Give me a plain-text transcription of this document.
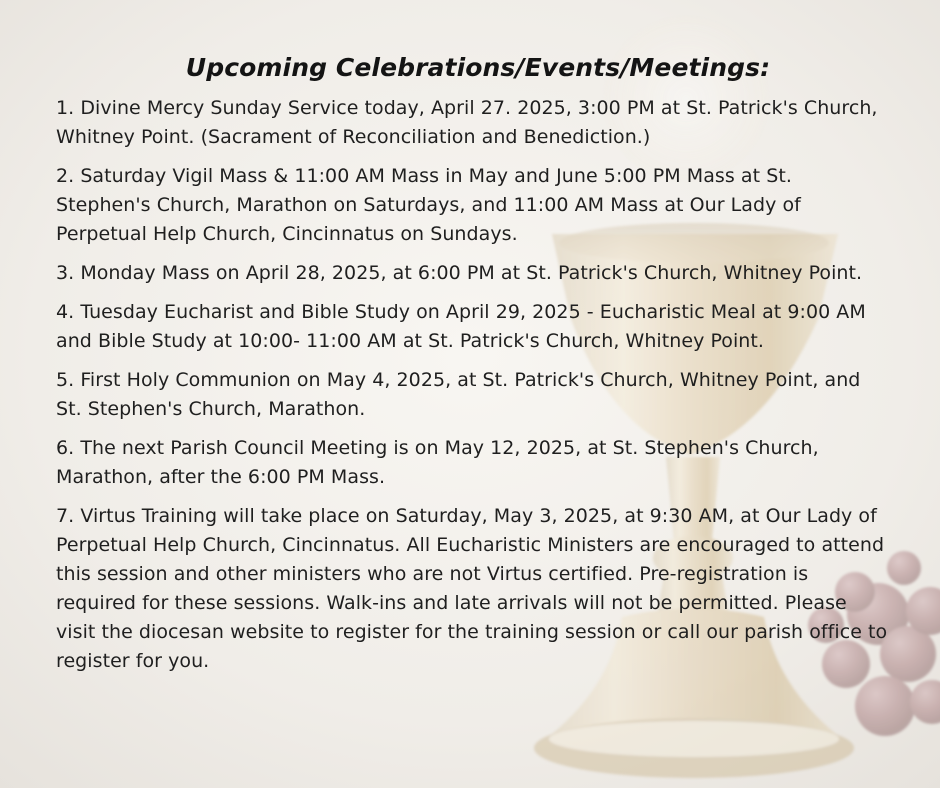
Upcoming Celebrations/Events/Meetings:
1. Divine Mercy Sunday Service today, April 27. 2025, 3:00 PM at St. Patrick's Church, Whitney Point. (Sacrament of Reconciliation and Benediction.)
2. Saturday Vigil Mass & 11:00 AM Mass in May and June 5:00 PM Mass at St. Stephen's Church, Marathon on Saturdays, and 11:00 AM Mass at Our Lady of Perpetual Help Church, Cincinnatus on Sundays.
3. Monday Mass on April 28, 2025, at 6:00 PM at St. Patrick's Church, Whitney Point.
4. Tuesday Eucharist and Bible Study on April 29, 2025 - Eucharistic Meal at 9:00 AM and Bible Study at 10:00- 11:00 AM at St. Patrick's Church, Whitney Point.
5. First Holy Communion on May 4, 2025, at St. Patrick's Church, Whitney Point, and St. Stephen's Church, Marathon.
6. The next Parish Council Meeting is on May 12, 2025, at St. Stephen's Church, Marathon, after the 6:00 PM Mass.
7. Virtus Training will take place on Saturday, May 3, 2025, at 9:30 AM, at Our Lady of Perpetual Help Church, Cincinnatus. All Eucharistic Ministers are encouraged to attend this session and other ministers who are not Virtus certified. Pre-registration is required for these sessions. Walk-ins and late arrivals will not be permitted. Please visit the diocesan website to register for the training session or call our parish office to register for you.
